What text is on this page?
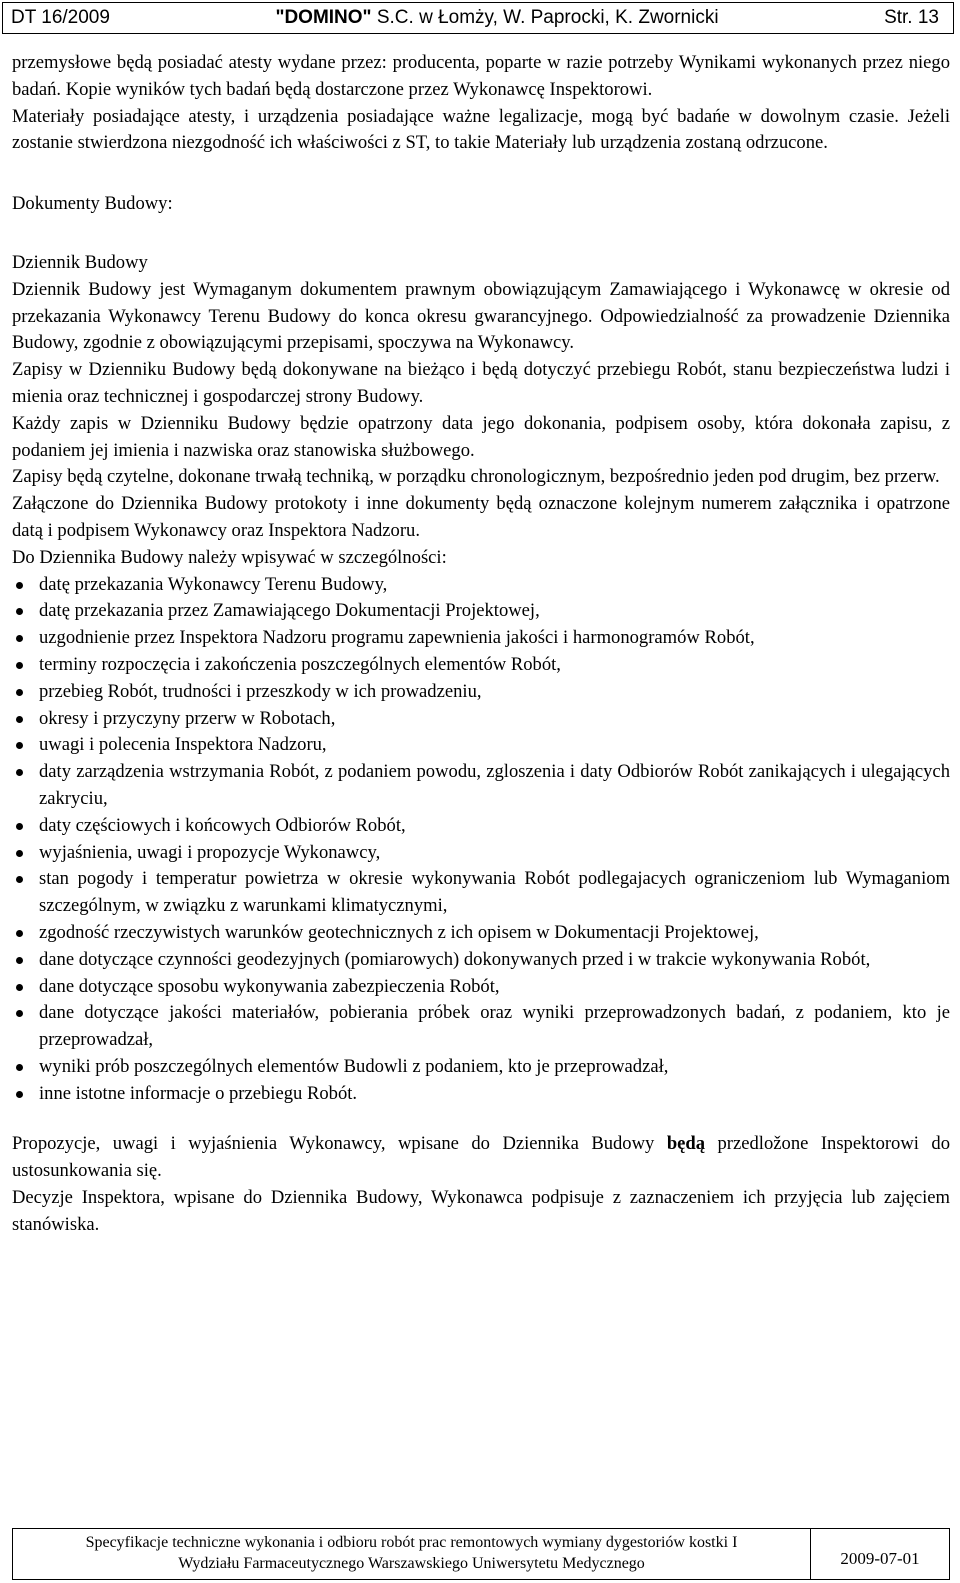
DT 16/2009	"DOMINO" S.C. w Łomży, W. Paprocki, K. Zwornicki	Str. 13

przemysłowe będą posiadać atesty wydane przez: producenta, poparte w razie potrzeby Wynikami wykonanych przez niego badań. Kopie wyników tych badań będą dostarczone przez Wykonawcę Inspektorowi.

Materiały posiadające atesty, i urządzenia posiadające ważne legalizacje, mogą być badańe w dowolnym czasie. Jeżeli zostanie stwierdzona niezgodność ich właściwości z ST, to takie Materiały lub urządzenia zostaną odrzucone.

Dokumenty Budowy:

Dziennik Budowy

Dziennik Budowy jest Wymaganym dokumentem prawnym obowiązującym Zamawiającego i Wykonawcę w okresie od przekazania Wykonawcy Terenu Budowy do konca okresu gwarancyjnego. Odpowiedzialność za prowadzenie Dziennika Budowy, zgodnie z obowiązującymi przepisami, spoczywa na Wykonawcy.

Zapisy w Dzienniku Budowy będą dokonywane na bieżąco i będą dotyczyć przebiegu Robót, stanu bezpieczeństwa ludzi i mienia oraz technicznej i gospodarczej strony Budowy.

Każdy zapis w Dzienniku Budowy będzie opatrzony data jego dokonania, podpisem osoby, która dokonała zapisu, z podaniem jej imienia i nazwiska oraz stanowiska służbowego.

Zapisy będą czytelne, dokonane trwałą techniką, w porządku chronologicznym, bezpośrednio jeden pod drugim, bez przerw.

Załączone do Dziennika Budowy protokoty i inne dokumenty będą oznaczone kolejnym numerem załącznika i opatrzone datą i podpisem Wykonawcy oraz Inspektora Nadzoru.

Do Dziennika Budowy należy wpisywać w szczególności:

datę przekazania Wykonawcy Terenu Budowy,
datę przekazania przez Zamawiającego Dokumentacji Projektowej,
uzgodnienie przez Inspektora Nadzoru programu zapewnienia jakości i harmonogramów Robót,
terminy rozpoczęcia i zakończenia poszczególnych elementów Robót,
przebieg Robót, trudności i przeszkody w ich prowadzeniu,
okresy i przyczyny przerw w Robotach,
uwagi i polecenia Inspektora Nadzoru,
daty zarządzenia wstrzymania Robót, z podaniem powodu, zgloszenia i daty Odbiorów Robót zanikających i ulegających zakryciu,
daty częściowych i końcowych Odbiorów Robót,
wyjaśnienia, uwagi i propozycje Wykonawcy,
stan pogody i temperatur powietrza w okresie wykonywania Robót podlegajacych ograniczeniom lub Wymaganiom szczególnym, w związku z warunkami klimatycznymi,
zgodność rzeczywistych warunków geotechnicznych z ich opisem w Dokumentacji Projektowej,
dane dotyczące czynności geodezyjnych (pomiarowych) dokonywanych przed i w trakcie wykonywania Robót,
dane dotyczące sposobu wykonywania zabezpieczenia Robót,
dane dotyczące jakości materiałów, pobierania próbek oraz wyniki przeprowadzonych badań, z podaniem, kto je przeprowadzał,
wyniki prób poszczególnych elementów Budowli z podaniem, kto je przeprowadzał,
inne istotne informacje o przebiegu Robót.

Propozycje, uwagi i wyjaśnienia Wykonawcy, wpisane do Dziennika Budowy będą przedložone Inspektorowi do ustosunkowania się.

Decyzje Inspektora, wpisane do Dziennika Budowy, Wykonawca podpisuje z zaznaczeniem ich przyjęcia lub zajęciem stanówiska.

Specyfikacje techniczne wykonania i odbioru robót prac remontowych wymiany dygestoriów kostki I
Wydziału Farmaceutycznego Warszawskiego Uniwersytetu Medycznego	2009-07-01
